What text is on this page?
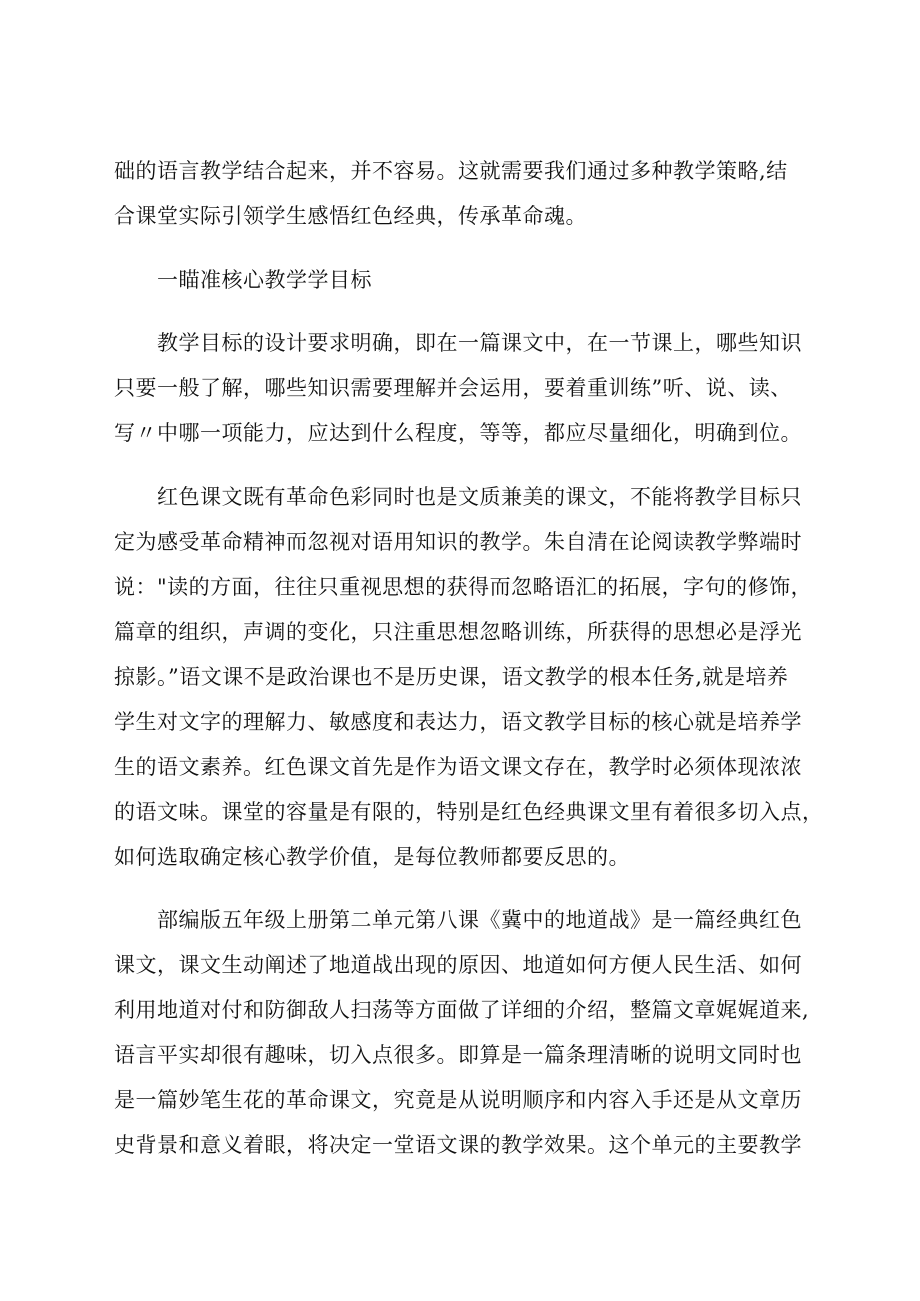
础的语言教学结合起来，并不容易。这就需要我们通过多种教学策略,结
合课堂实际引领学生感悟红色经典，传承革命魂。
一瞄准核心教学学目标
教学目标的设计要求明确，即在一篇课文中，在一节课上，哪些知识
只要一般了解，哪些知识需要理解并会运用，要着重训练”听、说、读、
写〃中哪一项能力，应达到什么程度，等等，都应尽量细化，明确到位。
红色课文既有革命色彩同时也是文质兼美的课文，不能将教学目标只
定为感受革命精神而忽视对语用知识的教学。朱自清在论阅读教学弊端时
说："读的方面，往往只重视思想的获得而忽略语汇的拓展，字句的修饰，
篇章的组织，声调的变化，只注重思想忽略训练，所获得的思想必是浮光
掠影。”语文课不是政治课也不是历史课，语文教学的根本任务,就是培养
学生对文字的理解力、敏感度和表达力，语文教学目标的核心就是培养学
生的语文素养。红色课文首先是作为语文课文存在，教学时必须体现浓浓
的语文味。课堂的容量是有限的，特别是红色经典课文里有着很多切入点，
如何选取确定核心教学价值，是每位教师都要反思的。
部编版五年级上册第二单元第八课《冀中的地道战》是一篇经典红色
课文，课文生动阐述了地道战出现的原因、地道如何方便人民生活、如何
利用地道对付和防御敌人扫荡等方面做了详细的介绍，整篇文章娓娓道来,
语言平实却很有趣味，切入点很多。即算是一篇条理清晰的说明文同时也
是一篇妙笔生花的革命课文，究竟是从说明顺序和内容入手还是从文章历
史背景和意义着眼，将决定一堂语文课的教学效果。这个单元的主要教学
